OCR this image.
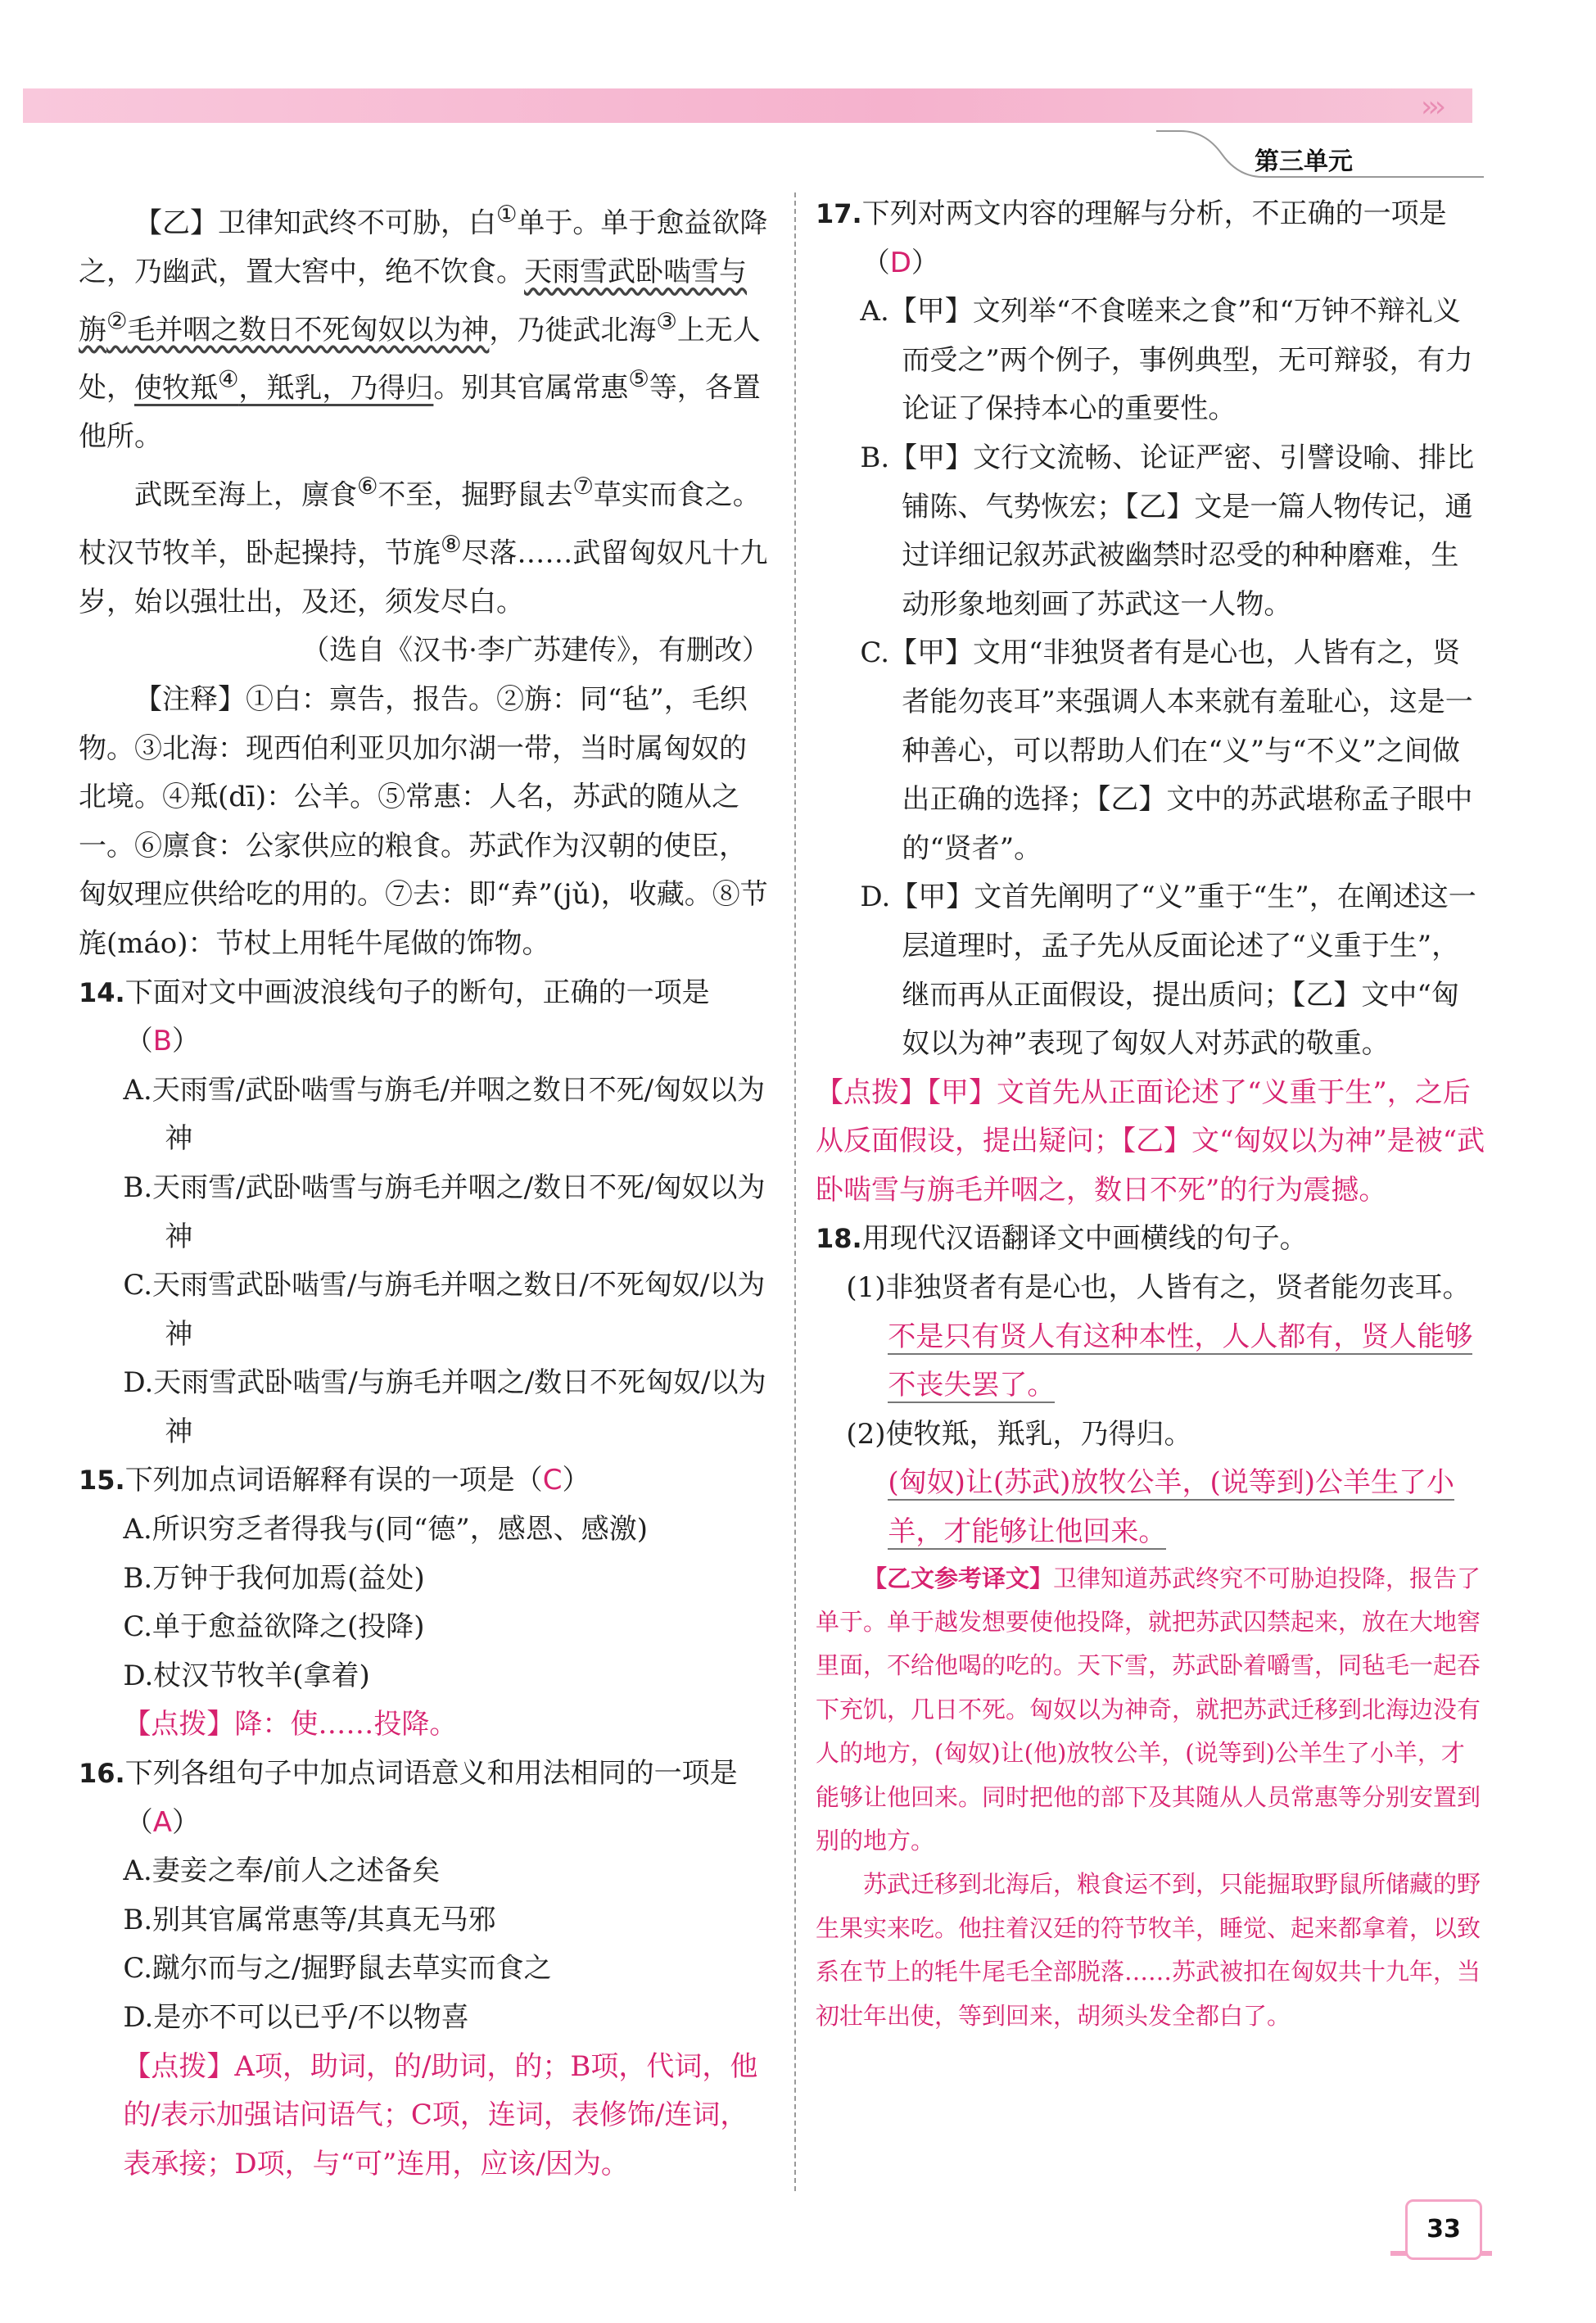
›››
第三单元

【乙】卫律知武终不可胁，白①单于。单于愈益欲降之，乃幽武，置大窖中，绝不饮食。天雨雪武卧啮雪与旃②毛并咽之数日不死匈奴以为神，乃徙武北海③上无人处，使牧羝④，羝乳，乃得归。别其官属常惠⑤等，各置他所。

武既至海上，廪食⑥不至，掘野鼠去⑦草实而食之。杖汉节牧羊，卧起操持，节旄⑧尽落……武留匈奴凡十九岁，始以强壮出，及还，须发尽白。

（选自《汉书·李广苏建传》，有删改）

【注释】①白：禀告，报告。②旃：同“毡”，毛织物。③北海：现西伯利亚贝加尔湖一带，当时属匈奴的北境。④羝(dī)：公羊。⑤常惠：人名，苏武的随从之一。⑥廪食：公家供应的粮食。苏武作为汉朝的使臣，匈奴理应供给吃的用的。⑦去：即“弆”(jǔ)，收藏。⑧节旄(máo)：节杖上用牦牛尾做的饰物。

14. 下面对文中画波浪线句子的断句，正确的一项是（B）

A.天雨雪/武卧啮雪与旃毛/并咽之数日不死/匈奴以为神

B.天雨雪/武卧啮雪与旃毛并咽之/数日不死/匈奴以为神

C.天雨雪武卧啮雪/与旃毛并咽之数日/不死匈奴/以为神

D.天雨雪武卧啮雪/与旃毛并咽之/数日不死匈奴/以为神

15. 下列加点词语解释有误的一项是（C）

A.所识穷乏者得我与(同“德”，感恩、感激)

B.万钟于我何加焉(益处)

C.单于愈益欲降之(投降)

D.杖汉节牧羊(拿着)

【点拨】降：使……投降。

16. 下列各组句子中加点词语意义和用法相同的一项是（A）

A.妻妾之奉/前人之述备矣

B.别其官属常惠等/其真无马邪

C.蹴尔而与之/掘野鼠去草实而食之

D.是亦不可以已乎/不以物喜

【点拨】A项，助词，的/助词，的；B项，代词，他的/表示加强诘问语气；C项，连词，表修饰/连词，表承接；D项，与“可”连用，应该/因为。

17. 下列对两文内容的理解与分析，不正确的一项是（D）

A.【甲】文列举“不食嗟来之食”和“万钟不辩礼义而受之”两个例子，事例典型，无可辩驳，有力论证了保持本心的重要性。

B.【甲】文行文流畅、论证严密、引譬设喻、排比铺陈、气势恢宏；【乙】文是一篇人物传记，通过详细记叙苏武被幽禁时忍受的种种磨难，生动形象地刻画了苏武这一人物。

C.【甲】文用“非独贤者有是心也，人皆有之，贤者能勿丧耳”来强调人本来就有羞耻心，这是一种善心，可以帮助人们在“义”与“不义”之间做出正确的选择；【乙】文中的苏武堪称孟子眼中的“贤者”。

D.【甲】文首先阐明了“义”重于“生”，在阐述这一层道理时，孟子先从反面论述了“义重于生”，继而再从正面假设，提出质问；【乙】文中“匈奴以为神”表现了匈奴人对苏武的敬重。

【点拨】【甲】文首先从正面论述了“义重于生”，之后从反面假设，提出疑问；【乙】文“匈奴以为神”是被“武卧啮雪与旃毛并咽之，数日不死”的行为震撼。

18. 用现代汉语翻译文中画横线的句子。

(1)非独贤者有是心也，人皆有之，贤者能勿丧耳。

不是只有贤人有这种本性，人人都有，贤人能够不丧失罢了。

(2)使牧羝，羝乳，乃得归。

(匈奴)让(苏武)放牧公羊，(说等到)公羊生了小羊，才能够让他回来。

【乙文参考译文】卫律知道苏武终究不可胁迫投降，报告了单于。单于越发想要使他投降，就把苏武囚禁起来，放在大地窖里面，不给他喝的吃的。天下雪，苏武卧着嚼雪，同毡毛一起吞下充饥，几日不死。匈奴以为神奇，就把苏武迁移到北海边没有人的地方，(匈奴)让(他)放牧公羊，(说等到)公羊生了小羊，才能够让他回来。同时把他的部下及其随从人员常惠等分别安置到别的地方。

苏武迁移到北海后，粮食运不到，只能掘取野鼠所储藏的野生果实来吃。他拄着汉廷的符节牧羊，睡觉、起来都拿着，以致系在节上的牦牛尾毛全部脱落……苏武被扣在匈奴共十九年，当初壮年出使，等到回来，胡须头发全都白了。

33
